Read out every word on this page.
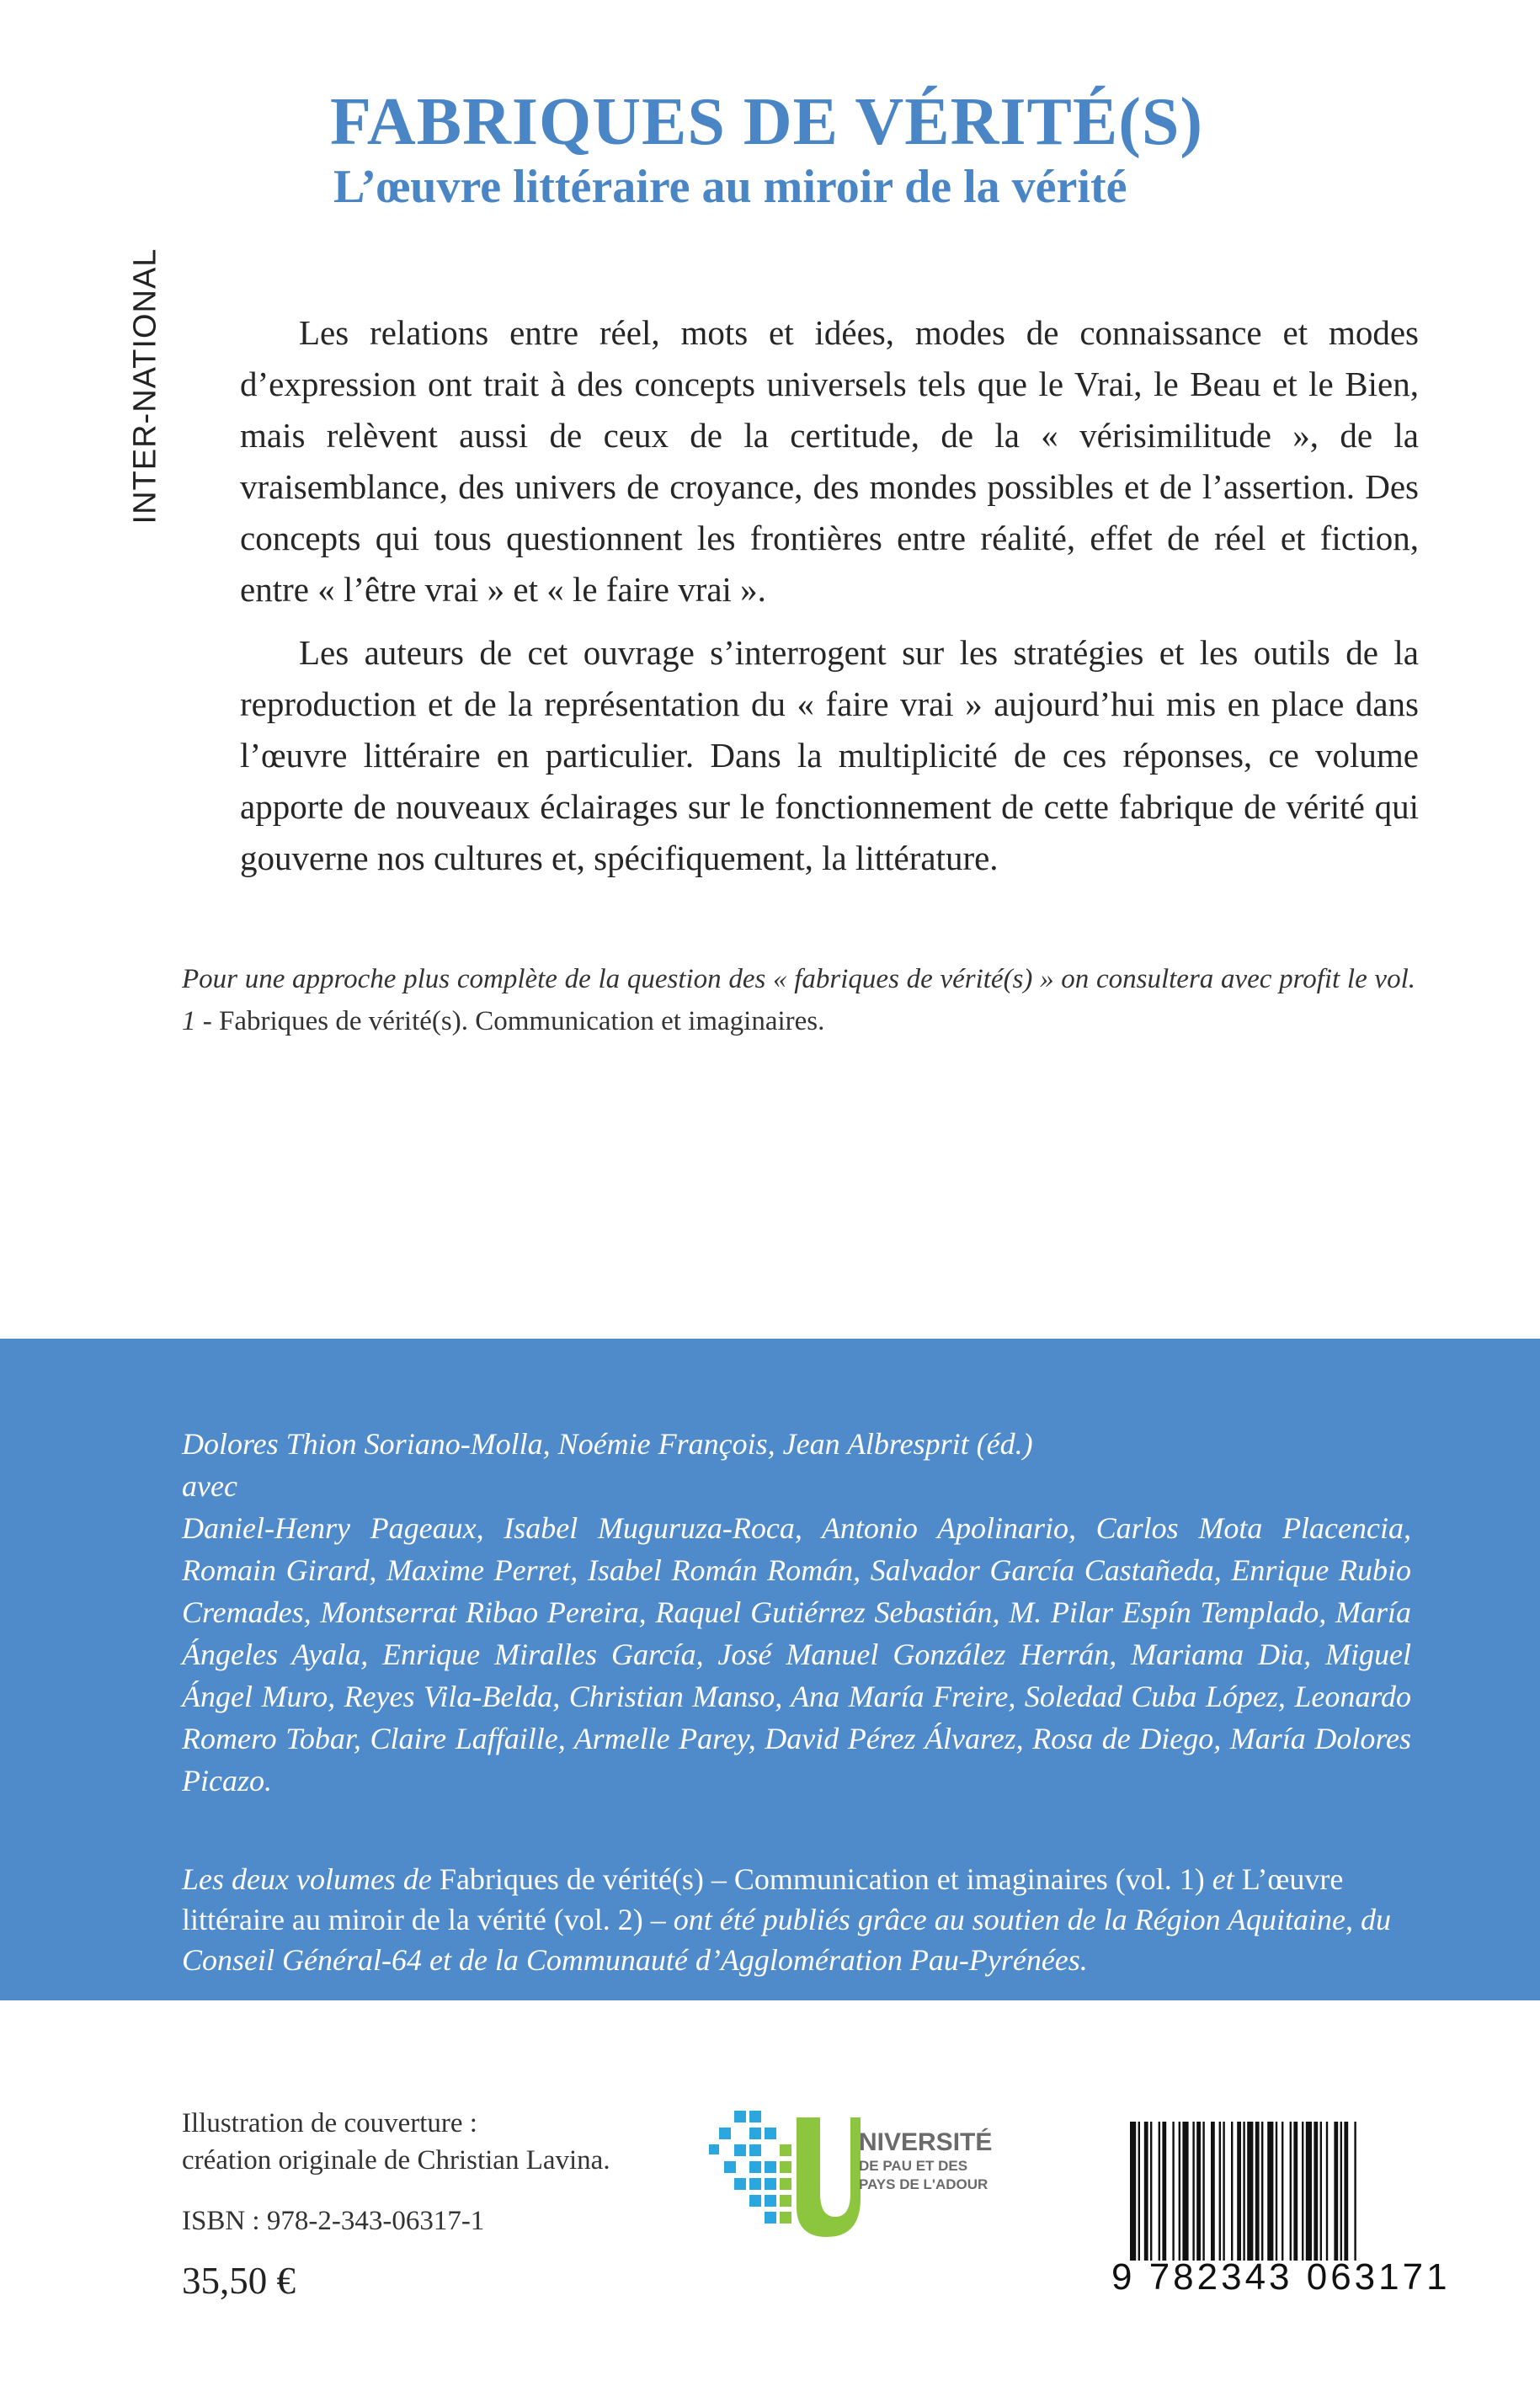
INTER-NATIONAL
FABRIQUES DE VÉRITÉ(S)
L’œuvre littéraire au miroir de la vérité

Les relations entre réel, mots et idées, modes de connaissance et modes d’expression ont trait à des concepts universels tels que le Vrai, le Beau et le Bien, mais relèvent aussi de ceux de la certitude, de la « vérisimilitude », de la vraisemblance, des univers de croyance, des mondes possibles et de l’assertion. Des concepts qui tous questionnent les frontières entre réalité, effet de réel et fiction, entre « l’être vrai » et « le faire vrai ».

Les auteurs de cet ouvrage s’interrogent sur les stratégies et les outils de la reproduction et de la représentation du « faire vrai » aujourd’hui mis en place dans l’œuvre littéraire en particulier. Dans la multiplicité de ces réponses, ce volume apporte de nouveaux éclairages sur le fonctionnement de cette fabrique de vérité qui gouverne nos cultures et, spécifiquement, la littérature.

Pour une approche plus complète de la question des « fabriques de vérité(s) » on consultera avec profit le vol. 1 - Fabriques de vérité(s). Communication et imaginaires.

Dolores Thion Soriano-Molla, Noémie François, Jean Albresprit (éd.)
avec
Daniel-Henry Pageaux, Isabel Muguruza-Roca, Antonio Apolinario, Carlos Mota Placencia, Romain Girard, Maxime Perret, Isabel Román Román, Salvador García Castañeda, Enrique Rubio Cremades, Montserrat Ribao Pereira, Raquel Gutiérrez Sebastián, M. Pilar Espín Templado, María Ángeles Ayala, Enrique Miralles García, José Manuel González Herrán, Mariama Dia, Miguel Ángel Muro, Reyes Vila-Belda, Christian Manso, Ana María Freire, Soledad Cuba López, Leonardo Romero Tobar, Claire Laffaille, Armelle Parey, David Pérez Álvarez, Rosa de Diego, María Dolores Picazo.

Les deux volumes de Fabriques de vérité(s) – Communication et imaginaires (vol. 1) et L’œuvre littéraire au miroir de la vérité (vol. 2) – ont été publiés grâce au soutien de la Région Aquitaine, du Conseil Général-64 et de la Communauté d’Agglomération Pau-Pyrénées.

Illustration de couverture :
création originale de Christian Lavina.

ISBN : 978-2-343-06317-1
35,50 €
NIVERSITÉ
DE PAU ET DES
PAYS DE L'ADOUR
9 782343 063171
